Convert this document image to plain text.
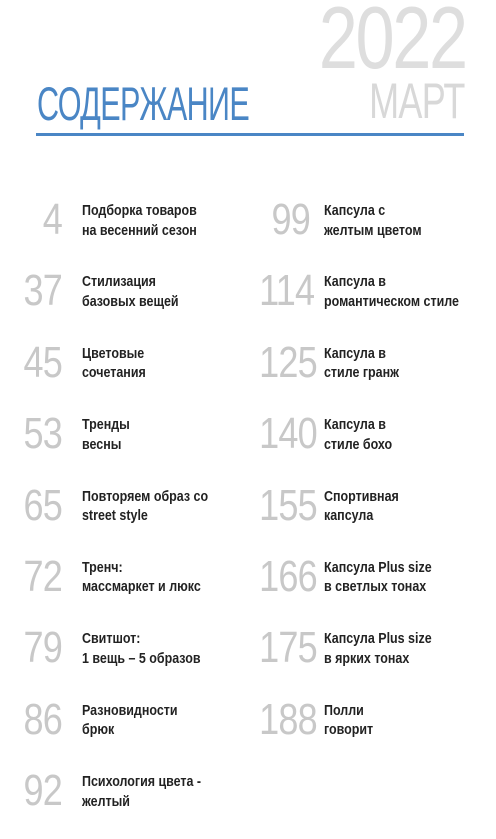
2022
МАРТ
СОДЕРЖАНИЕ
4 Подборка товаров
на весенний сезон
37 Стилизация
базовых вещей
45 Цветовые
сочетания
53 Тренды
весны
65 Повторяем образ со
street style
72 Тренч:
массмаркет и люкс
79 Свитшот:
1 вещь – 5 образов
86 Разновидности
брюк
92 Психология цвета -
желтый
99 Капсула с
желтым цветом
114 Капсула в
романтическом стиле
125 Капсула в
стиле гранж
140 Капсула в
стиле бохо
155 Спортивная
капсула
166 Капсула Plus size
в светлых тонах
175 Капсула Plus size
в ярких тонах
188 Полли
говорит
